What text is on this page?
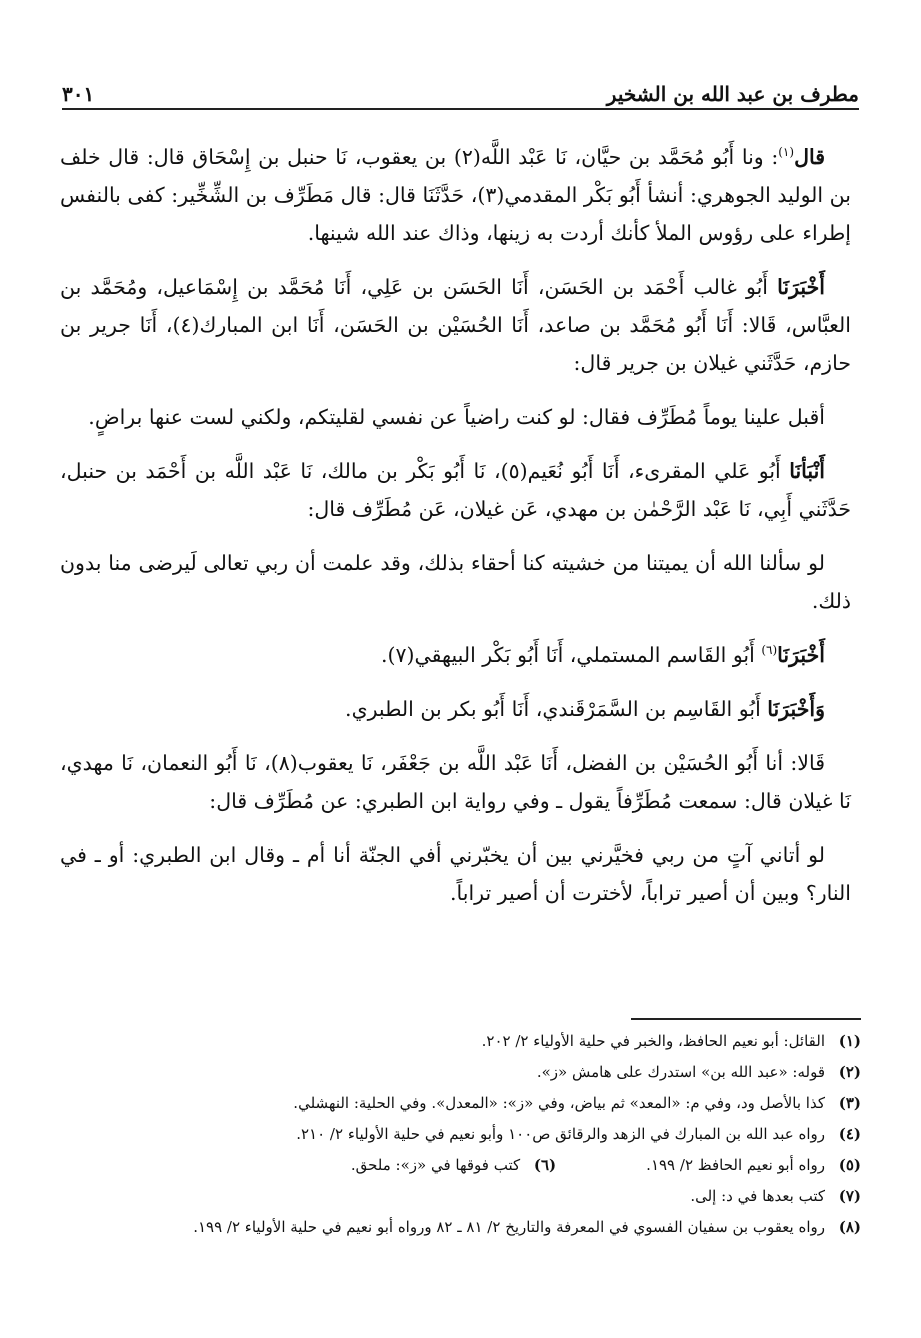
مطرف بن عبد الله بن الشخير
٣٠١

قال$^{(١)}$: ونا أَبُو مُحَمَّد بن حيَّان، نَا عَبْد اللَّه(٢) بن يعقوب، نَا حنبل بن إِسْحَاق قال: قال خلف بن الوليد الجوهري: أنشأ أَبُو بَكْر المقدمي(٣)، حَدَّثَنَا قال: قال مَطَرِّف بن الشِّخِّير: كفى بالنفس إطراء على رؤوس الملأ كأنك أردت به زينها، وذاك عند الله شينها.

أَخْبَرَنَا أَبُو غالب أَحْمَد بن الحَسَن، أَنَا الحَسَن بن عَلِي، أَنَا مُحَمَّد بن إِسْمَاعيل، ومُحَمَّد بن العبَّاس، قَالا: أَنَا أَبُو مُحَمَّد بن صاعد، أَنَا الحُسَيْن بن الحَسَن، أَنَا ابن المبارك(٤)، أَنَا جرير بن حازم، حَدَّثَني غيلان بن جرير قال:

أقبل علينا يوماً مُطَرِّف فقال: لو كنت راضياً عن نفسي لقليتكم، ولكني لست عنها براضٍ.

أَنْبَأنَا أَبُو عَلي المقرىء، أَنَا أَبُو نُعَيم(٥)، نَا أَبُو بَكْر بن مالك، نَا عَبْد اللَّه بن أَحْمَد بن حنبل، حَدَّثَني أَبِي، نَا عَبْد الرَّحْمٰن بن مهدي، عَن غيلان، عَن مُطَرِّف قال:

لو سألنا الله أن يميتنا من خشيته كنا أحقاء بذلك، وقد علمت أن ربي تعالى لَيرضى منا بدون ذلك.

أَخْبَرَنَا$^{(٦)}$ أَبُو القَاسم المستملي، أَنَا أَبُو بَكْر البيهقي(٧).

وَأَخْبَرَنَا أَبُو القَاسِم بن السَّمَرْقَندي، أَنَا أَبُو بكر بن الطبري.

قَالا: أنا أَبُو الحُسَيْن بن الفضل، أَنَا عَبْد اللَّه بن جَعْفَر، نَا يعقوب(٨)، نَا أَبُو النعمان، نَا مهدي، نَا غيلان قال: سمعت مُطَرِّفاً يقول ـ وفي رواية ابن الطبري: عن مُطَرِّف قال:

لو أتاني آتٍ من ربي فخيَّرني بين أن يخبّرني أفي الجنّة أنا أم ـ وقال ابن الطبري: أو ـ في النار؟ وبين أن أصير تراباً، لأخترت أن أصير تراباً.

(١)
القائل: أبو نعيم الحافظ، والخبر في حلية الأولياء ٢/ ٢٠٢.
(٢)
قوله: «عبد الله بن» استدرك على هامش «ز».
(٣)
كذا بالأصل ود، وفي م: «المعد» ثم بياض، وفي «ز»: «المعدل». وفي الحلية: النهشلي.
(٤)
رواه عبد الله بن المبارك في الزهد والرقائق ص١٠٠ وأبو نعيم في حلية الأولياء ٢/ ٢١٠.
(٥)
رواه أبو نعيم الحافظ ٢/ ١٩٩.
(٦)
كتب فوقها في «ز»: ملحق.
(٧)
كتب بعدها في د: إلى.
(٨)
رواه يعقوب بن سفيان الفسوي في المعرفة والتاريخ ٢/ ٨١ ـ ٨٢ ورواه أبو نعيم في حلية الأولياء ٢/ ١٩٩.
